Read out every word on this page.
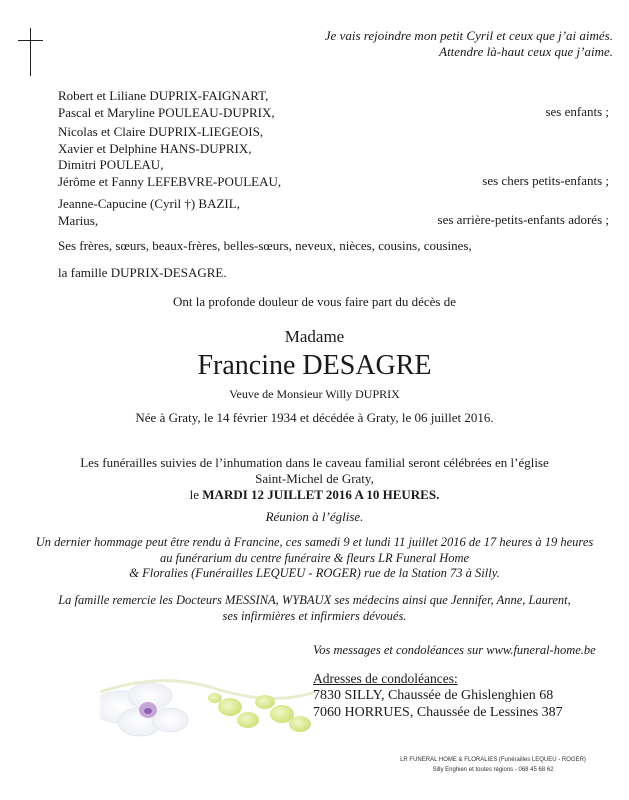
Je vais rejoindre mon petit Cyril et ceux que j’ai aimés.
Attendre là-haut ceux que j’aime.
Robert et Liliane DUPRIX-FAIGNART,
Pascal et Maryline POULEAU-DUPRIX,	ses enfants ;
Nicolas et Claire DUPRIX-LIEGEOIS,
Xavier et Delphine HANS-DUPRIX,
Dimitri POULEAU,
Jérôme et Fanny LEFEBVRE-POULEAU,	ses chers petits-enfants ;
Jeanne-Capucine (Cyril †) BAZIL,
Marius,	ses arrière-petits-enfants adorés ;
Ses frères, sœurs, beaux-frères, belles-sœurs, neveux, nièces, cousins, cousines,
la famille DUPRIX-DESAGRE.
Ont la profonde douleur de vous faire part du décès de
Madame
Francine DESAGRE
Veuve de Monsieur Willy DUPRIX
Née à Graty, le 14 février 1934 et décédée à Graty, le 06 juillet 2016.
Les funérailles suivies de l’inhumation dans le caveau familial seront célébrées en l’église
Saint-Michel de Graty,
le MARDI 12 JUILLET 2016 A 10 HEURES.
Réunion à l’église.
Un dernier hommage peut être rendu à Francine, ces samedi 9 et lundi 11 juillet 2016 de 17 heures à 19 heures
au funérarium du centre funéraire & fleurs LR Funeral Home
& Floralies (Funérailles LEQUEU - ROGER) rue de la Station 73 à Silly.
La famille remercie les Docteurs MESSINA, WYBAUX ses médecins ainsi que Jennifer, Anne, Laurent,
ses infirmières et infirmiers dévoués.
Vos messages et condoléances sur www.funeral-home.be
Adresses de condoléances:
7830 SILLY, Chaussée de Ghislenghien 68
7060 HORRUES, Chaussée de Lessines 387
LR FUNERAL HOME & FLORALIES (Funérailles LEQUEU - ROGER)
Silly Enghien et toutes régions - 068 45 68 62
